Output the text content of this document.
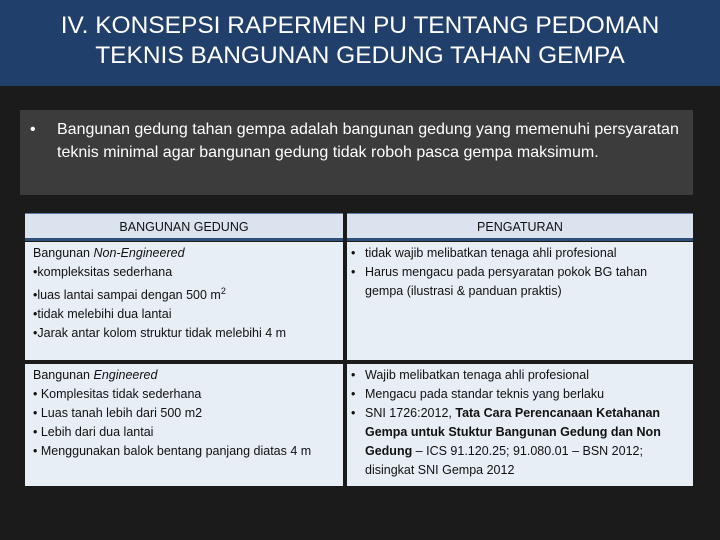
IV. KONSEPSI RAPERMEN PU TENTANG PEDOMAN
TEKNIS BANGUNAN GEDUNG TAHAN GEMPA
• Bangunan gedung tahan gempa adalah bangunan gedung yang memenuhi persyaratan teknis minimal agar bangunan gedung tidak roboh pasca gempa maksimum.
BANGUNAN GEDUNG	PENGATURAN
Bangunan Non-Engineered
•kompleksitas sederhana
•luas lantai sampai dengan 500 $m^2$
•tidak melebihi dua lantai
•Jarak antar kolom struktur tidak melebihi 4 m
• tidak wajib melibatkan tenaga ahli profesional
• Harus mengacu pada persyaratan pokok BG tahan gempa (ilustrasi & panduan praktis)
Bangunan Engineered
• Komplesitas tidak sederhana
• Luas tanah lebih dari 500 m2
• Lebih dari dua lantai
• Menggunakan balok bentang panjang diatas 4 m
• Wajib melibatkan tenaga ahli profesional
• Mengacu pada standar teknis yang berlaku
• SNI 1726:2012, Tata Cara Perencanaan Ketahanan Gempa untuk Stuktur Bangunan Gedung dan Non Gedung – ICS 91.120.25; 91.080.01 – BSN 2012; disingkat SNI Gempa 2012
